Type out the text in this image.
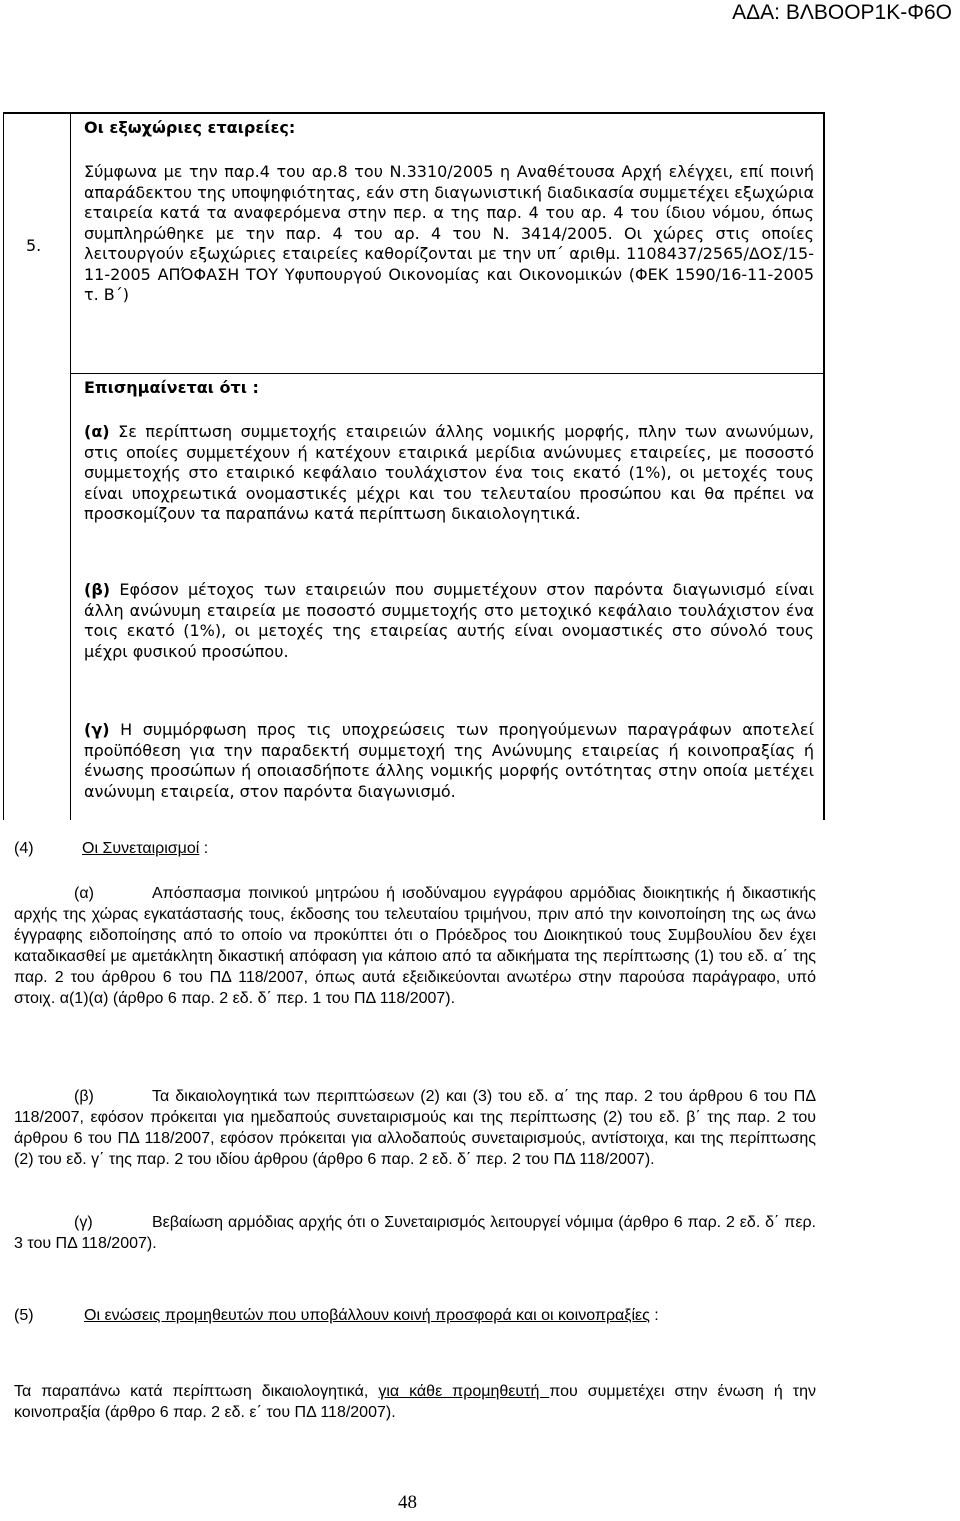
ΑΔΑ: ΒΛΒΟΟΡ1Κ-Φ6Ο
5.

Οι εξωχώριες εταιρείες:

Σύμφωνα με την παρ.4 του αρ.8 του Ν.3310/2005 η Αναθέτουσα Αρχή ελέγχει, επί ποινή απαράδεκτου της υποψηφιότητας, εάν στη διαγωνιστική διαδικασία συμμετέχει εξωχώρια εταιρεία κατά τα αναφερόμενα στην περ. α της παρ. 4 του αρ. 4 του ίδιου νόμου, όπως συμπληρώθηκε με την παρ. 4 του αρ. 4 του Ν. 3414/2005. Οι χώρες στις οποίες λειτουργούν εξωχώριες εταιρείες καθορίζονται με την υπ΄ αριθμ. 1108437/2565/ΔΟΣ/15-11-2005 ΑΠΌΦΑΣΗ ΤΟΥ Υφυπουργού Οικονομίας και Οικονομικών (ΦΕΚ 1590/16-11-2005 τ. Β΄)

Επισημαίνεται ότι :

(α) Σε περίπτωση συμμετοχής εταιρειών άλλης νομικής μορφής, πλην των ανωνύμων, στις οποίες συμμετέχουν ή κατέχουν εταιρικά μερίδια ανώνυμες εταιρείες, με ποσοστό συμμετοχής στο εταιρικό κεφάλαιο τουλάχιστον ένα τοις εκατό (1%), οι μετοχές τους είναι υποχρεωτικά ονομαστικές μέχρι και του τελευταίου προσώπου και θα πρέπει να προσκομίζουν τα παραπάνω κατά περίπτωση δικαιολογητικά.

(β) Εφόσον μέτοχος των εταιρειών που συμμετέχουν στον παρόντα διαγωνισμό είναι άλλη ανώνυμη εταιρεία με ποσοστό συμμετοχής στο μετοχικό κεφάλαιο τουλάχιστον ένα τοις εκατό (1%), οι μετοχές της εταιρείας αυτής είναι ονομαστικές στο σύνολό τους μέχρι φυσικού προσώπου.

(γ) Η συμμόρφωση προς τις υποχρεώσεις των προηγούμενων παραγράφων αποτελεί προϋπόθεση για την παραδεκτή συμμετοχή της Ανώνυμης εταιρείας ή κοινοπραξίας ή ένωσης προσώπων ή οποιασδήποτε άλλης νομικής μορφής οντότητας στην οποία μετέχει ανώνυμη εταιρεία, στον παρόντα διαγωνισμό.

(4)	Οι Συνεταιρισμοί :

(α)	Απόσπασμα ποινικού μητρώου ή ισοδύναμου εγγράφου αρμόδιας διοικητικής ή δικαστικής αρχής της χώρας εγκατάστασής τους, έκδοσης του τελευταίου τριμήνου, πριν από την κοινοποίηση της ως άνω έγγραφης ειδοποίησης από το οποίο να προκύπτει ότι ο Πρόεδρος του Διοικητικού τους Συμβουλίου δεν έχει καταδικασθεί με αμετάκλητη δικαστική απόφαση για κάποιο από τα αδικήματα της περίπτωσης (1) του εδ. α΄ της παρ. 2 του άρθρου 6 του ΠΔ 118/2007, όπως αυτά εξειδικεύονται ανωτέρω στην παρούσα παράγραφο, υπό στοιχ. α(1)(α) (άρθρο 6 παρ. 2 εδ. δ΄ περ. 1 του ΠΔ 118/2007).

(β)	Τα δικαιολογητικά των περιπτώσεων (2) και (3) του εδ. α΄ της παρ. 2 του άρθρου 6 του ΠΔ 118/2007, εφόσον πρόκειται για ημεδαπούς συνεταιρισμούς και της περίπτωσης (2) του εδ. β΄ της παρ. 2 του άρθρου 6 του ΠΔ 118/2007, εφόσον πρόκειται για αλλοδαπούς συνεταιρισμούς, αντίστοιχα, και της περίπτωσης (2) του εδ. γ΄ της παρ. 2 του ιδίου άρθρου (άρθρο 6 παρ. 2 εδ. δ΄ περ. 2 του ΠΔ 118/2007).

(γ)	Βεβαίωση αρμόδιας αρχής ότι ο Συνεταιρισμός λειτουργεί νόμιμα (άρθρο 6 παρ. 2 εδ. δ΄ περ. 3 του ΠΔ 118/2007).

(5)	Οι ενώσεις προμηθευτών που υποβάλλουν κοινή προσφορά και οι κοινοπραξίες :

Τα παραπάνω κατά περίπτωση δικαιολογητικά, για κάθε προμηθευτή που συμμετέχει στην ένωση ή την κοινοπραξία (άρθρο 6 παρ. 2 εδ. ε΄ του ΠΔ 118/2007).

48
